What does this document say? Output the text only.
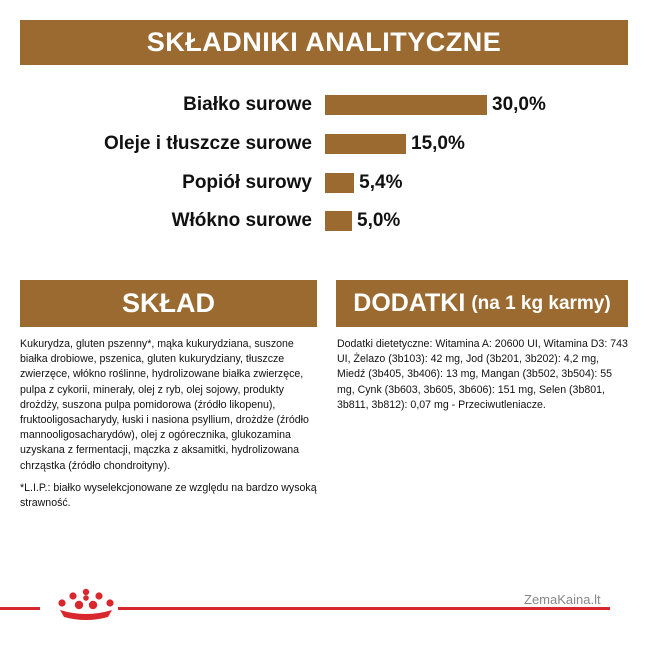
SKŁADNIKI ANALITYCZNE
Białko surowe	30,0%
Oleje i tłuszcze surowe	15,0%
Popiół surowy 5,4%
Włókno surowe 5,0%
SKŁAD	DODATKI (na 1 kg karmy)
Kukurydza, gluten pszenny*, mąka kukurydziana, suszone białka drobiowe, pszenica, gluten kukurydziany, tłuszcze zwierzęce, włókno roślinne, hydrolizowane białka zwierzęce, pulpa z cykorii, minerały, olej z ryb, olej sojowy, produkty drożdży, suszona pulpa pomidorowa (źródło likopenu), fruktooligosacharydy, łuski i nasiona psyllium, drożdże (źródło mannooligosacharydów), olej z ogórecznika, glukozamina uzyskana z fermentacji, mączka z aksamitki, hydrolizowana chrząstka (źródło chondroityny).
*L.I.P.: białko wyselekcjonowane ze względu na bardzo wysoką strawność.
Dodatki dietetyczne: Witamina A: 20600 UI, Witamina D3: 743 UI, Żelazo (3b103): 42 mg, Jod (3b201, 3b202): 4,2 mg, Miedź (3b405, 3b406): 13 mg, Mangan (3b502, 3b504): 55 mg, Cynk (3b603, 3b605, 3b606): 151 mg, Selen (3b801, 3b811, 3b812): 0,07 mg - Przeciwutleniacze.
ZemaKaina.lt
